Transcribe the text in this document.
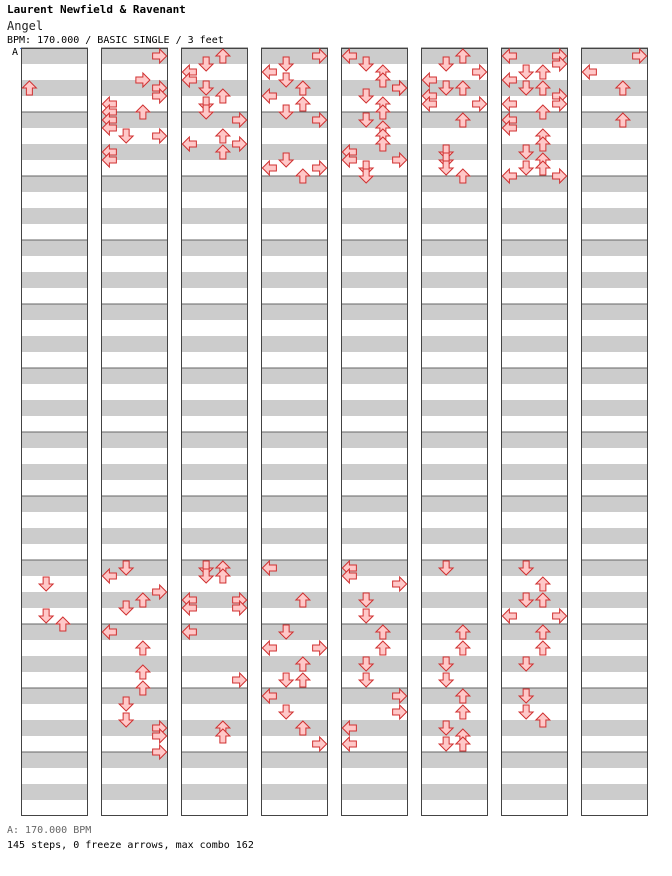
Laurent Newfield & Ravenant
Angel
BPM: 170.000 / BASIC SINGLE / 3 feet
A
A: 170.000 BPM
145 steps, 0 freeze arrows, max combo 162
